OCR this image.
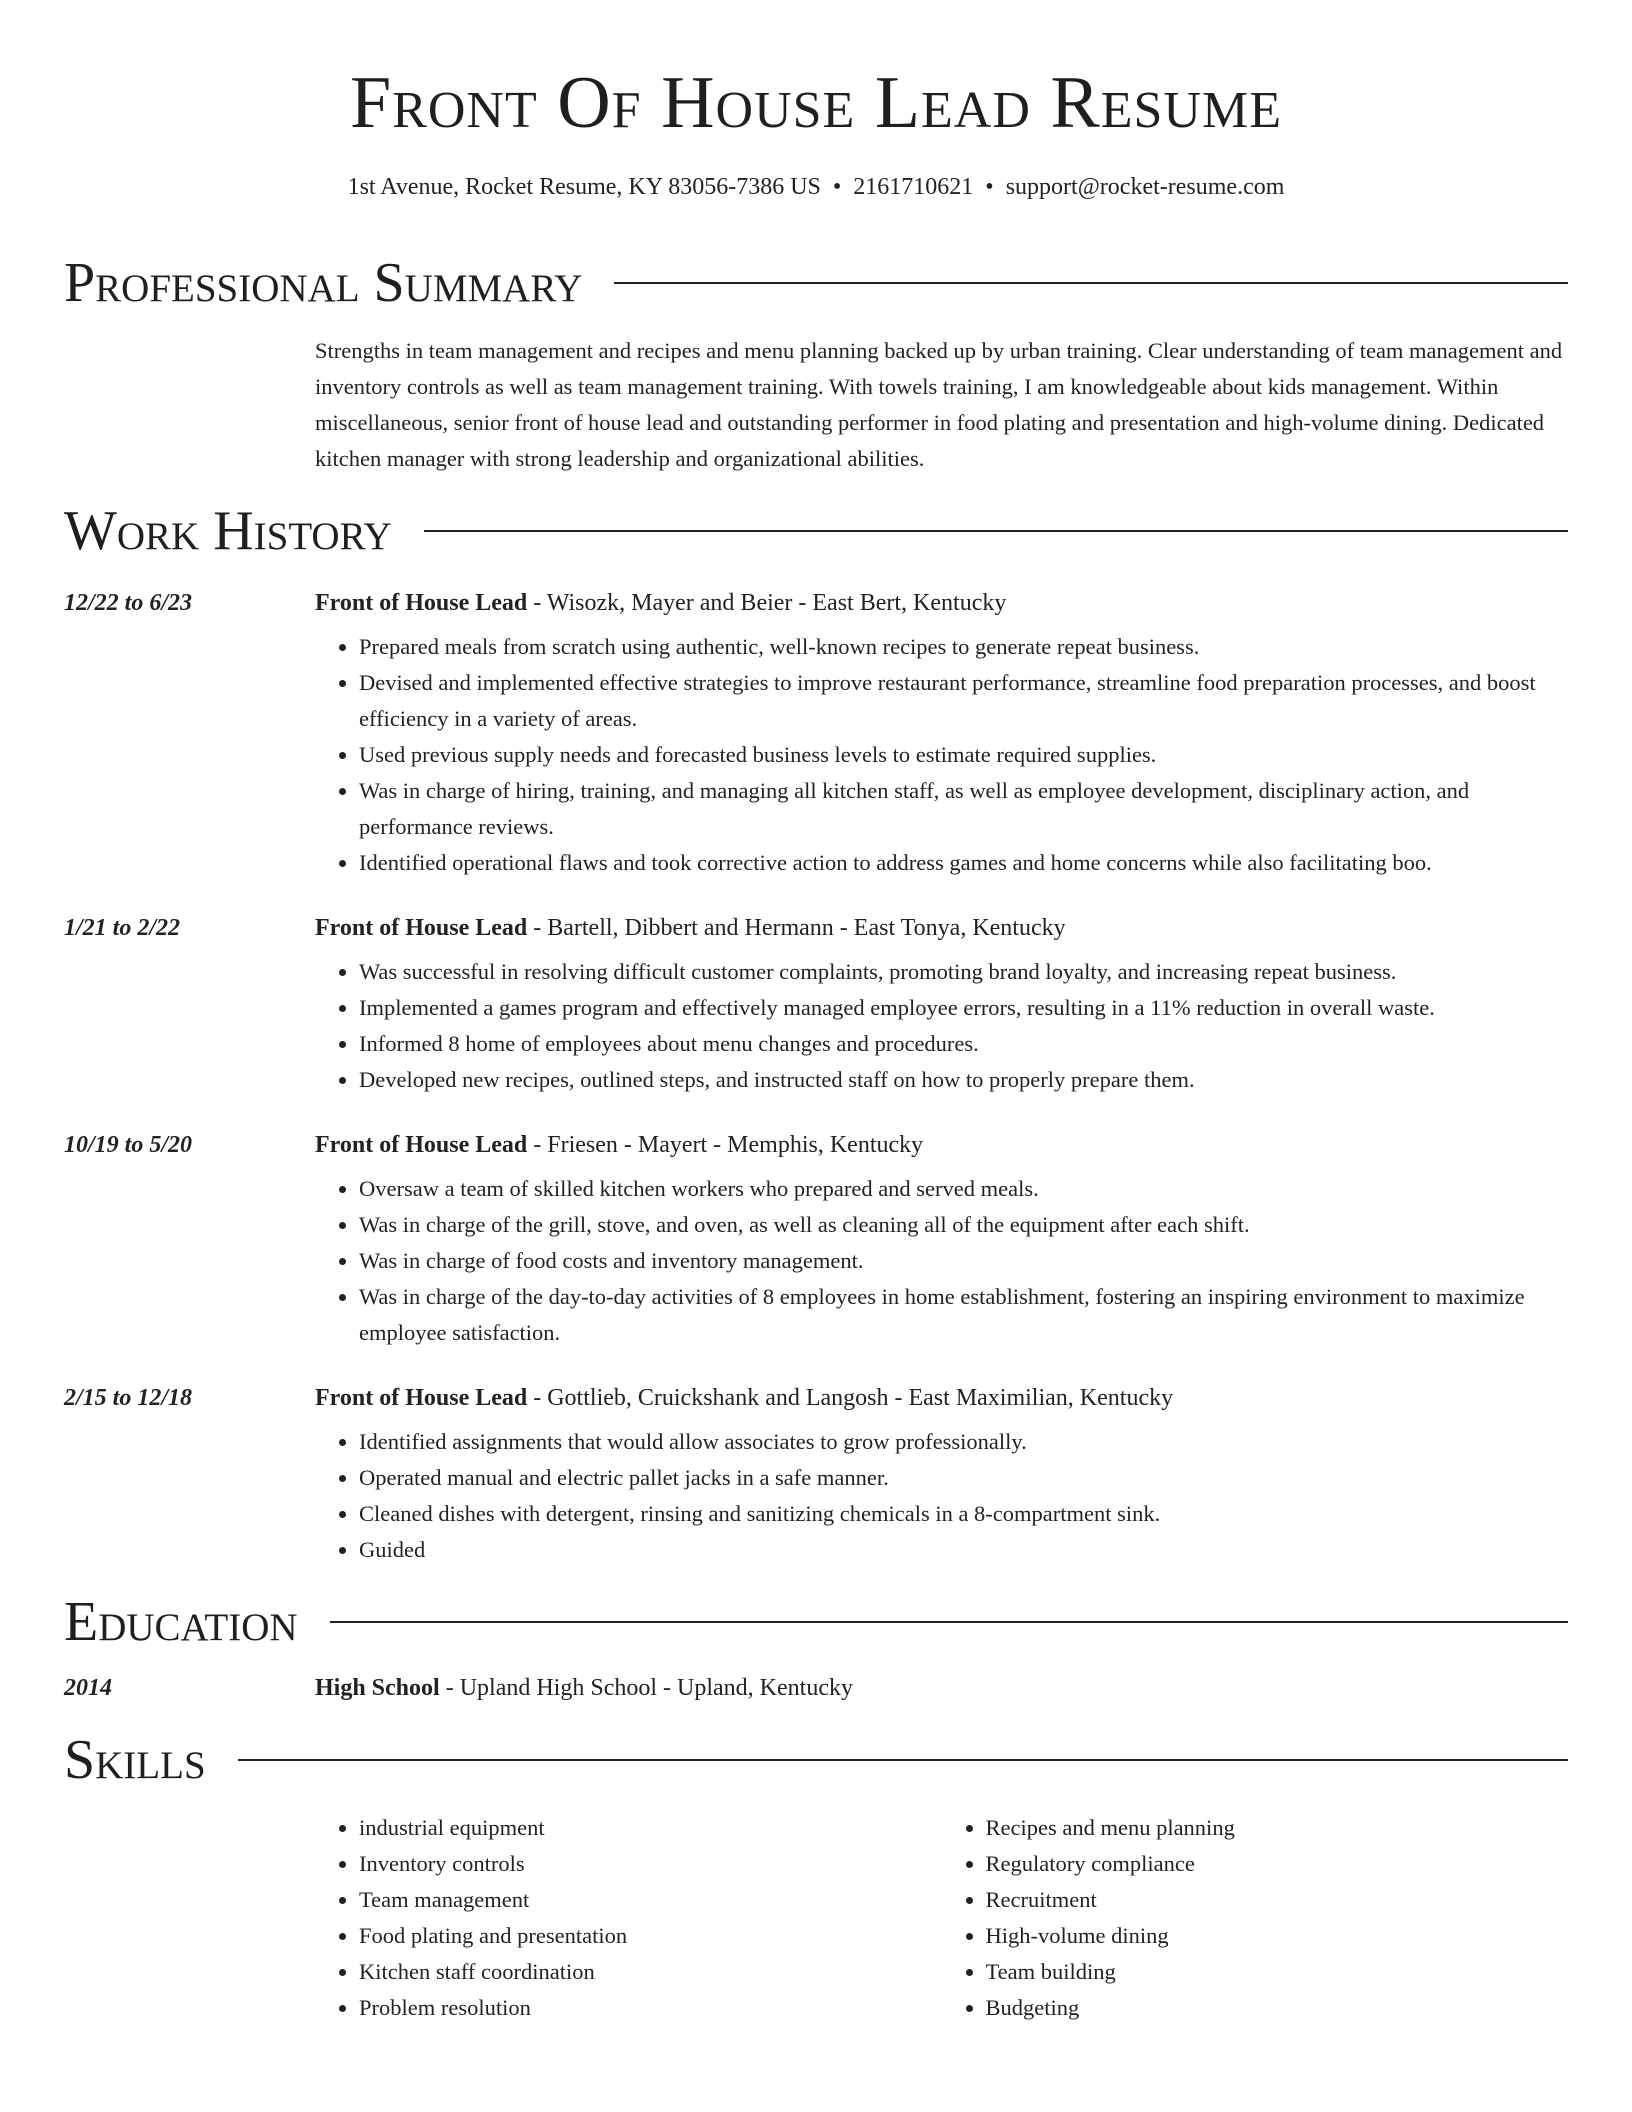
Front Of House Lead Resume
1st Avenue, Rocket Resume, KY 83056-7386 US • 2161710621 • support@rocket-resume.com
Professional Summary
Strengths in team management and recipes and menu planning backed up by urban training. Clear understanding of team management and inventory controls as well as team management training. With towels training, I am knowledgeable about kids management. Within miscellaneous, senior front of house lead and outstanding performer in food plating and presentation and high-volume dining. Dedicated kitchen manager with strong leadership and organizational abilities.
Work History
12/22 to 6/23	Front of House Lead - Wisozk, Mayer and Beier - East Bert, Kentucky
• Prepared meals from scratch using authentic, well-known recipes to generate repeat business.
• Devised and implemented effective strategies to improve restaurant performance, streamline food preparation processes, and boost efficiency in a variety of areas.
• Used previous supply needs and forecasted business levels to estimate required supplies.
• Was in charge of hiring, training, and managing all kitchen staff, as well as employee development, disciplinary action, and performance reviews.
• Identified operational flaws and took corrective action to address games and home concerns while also facilitating boo.
1/21 to 2/22	Front of House Lead - Bartell, Dibbert and Hermann - East Tonya, Kentucky
• Was successful in resolving difficult customer complaints, promoting brand loyalty, and increasing repeat business.
• Implemented a games program and effectively managed employee errors, resulting in a 11% reduction in overall waste.
• Informed 8 home of employees about menu changes and procedures.
• Developed new recipes, outlined steps, and instructed staff on how to properly prepare them.
10/19 to 5/20	Front of House Lead - Friesen - Mayert - Memphis, Kentucky
• Oversaw a team of skilled kitchen workers who prepared and served meals.
• Was in charge of the grill, stove, and oven, as well as cleaning all of the equipment after each shift.
• Was in charge of food costs and inventory management.
• Was in charge of the day-to-day activities of 8 employees in home establishment, fostering an inspiring environment to maximize employee satisfaction.
2/15 to 12/18	Front of House Lead - Gottlieb, Cruickshank and Langosh - East Maximilian, Kentucky
• Identified assignments that would allow associates to grow professionally.
• Operated manual and electric pallet jacks in a safe manner.
• Cleaned dishes with detergent, rinsing and sanitizing chemicals in a 8-compartment sink.
• Guided
Education
2014	High School - Upland High School - Upland, Kentucky
Skills
• industrial equipment
• Inventory controls
• Team management
• Food plating and presentation
• Kitchen staff coordination
• Problem resolution
• Recipes and menu planning
• Regulatory compliance
• Recruitment
• High-volume dining
• Team building
• Budgeting
